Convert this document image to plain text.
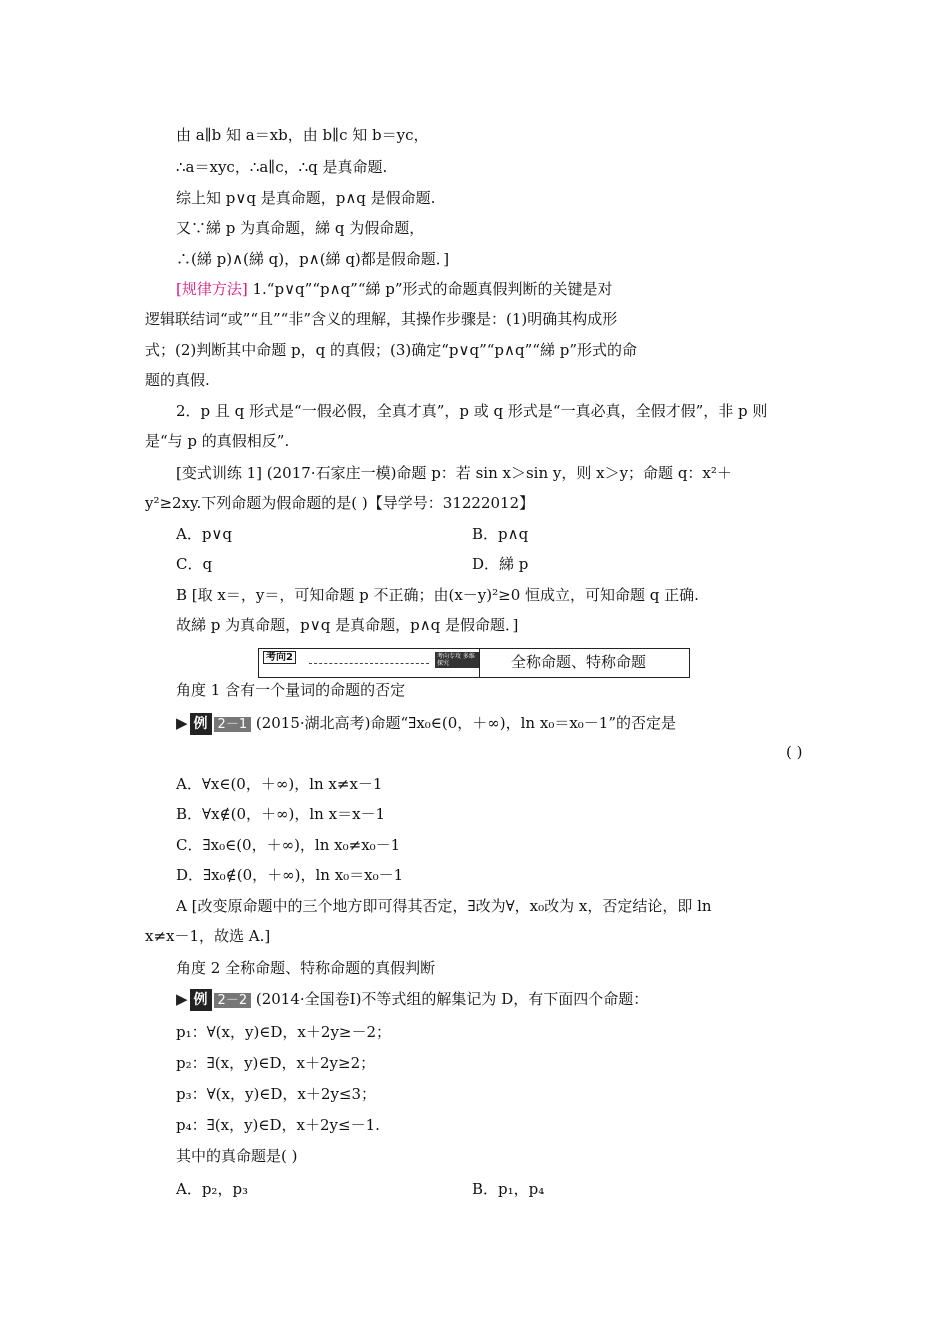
由 a∥b 知 a＝xb，由 b∥c 知 b＝yc，
∴a＝xyc，∴a∥c，∴q 是真命题.
综上知 p∨q 是真命题，p∧q 是假命题.
又∵綈 p 为真命题，綈 q 为假命题，
∴(綈 p)∧(綈 q)，p∧(綈 q)都是假命题．]
[规律方法] 1.“p∨q”“p∧q”“綈 p”形式的命题真假判断的关键是对
逻辑联结词“或”“且”“非”含义的理解，其操作步骤是：(1)明确其构成形
式；(2)判断其中命题 p，q 的真假；(3)确定“p∨q”“p∧q”“綈 p”形式的命
题的真假.
2．p 且 q 形式是“一假必假，全真才真”，p 或 q 形式是“一真必真，全假才假”，非 p 则
是“与 p 的真假相反”.
[变式训练 1] (2017·石家庄一模)命题 p：若 sin x＞sin y，则 x＞y；命题 q：x²＋
y²≥2xy.下列命题为假命题的是( )【导学号：31222012】
A．p∨q	B．p∧q
C．q	D．綈 p
B [取 x＝，y＝，可知命题 p 不正确；由(x－y)²≥0 恒成立，可知命题 q 正确.
故綈 p 为真命题，p∨q 是真命题，p∧q 是假命题．]
考向2	考向专攻 多维探究	全称命题、特称命题
角度 1 含有一个量词的命题的否定
▶ 例 2－1 (2015·湖北高考)命题“∃x₀∈(0，＋∞)，ln x₀＝x₀－1”的否定是
( )
A．∀x∈(0，＋∞)，ln x≠x－1
B．∀x∉(0，＋∞)，ln x＝x－1
C．∃x₀∈(0，＋∞)，ln x₀≠x₀－1
D．∃x₀∉(0，＋∞)，ln x₀＝x₀－1
A [改变原命题中的三个地方即可得其否定，∃改为∀，x₀改为 x，否定结论，即 ln
x≠x－1，故选 A.]
角度 2 全称命题、特称命题的真假判断
▶ 例 2－2 (2014·全国卷Ⅰ)不等式组的解集记为 D，有下面四个命题：
p₁：∀(x，y)∈D，x＋2y≥－2；
p₂：∃(x，y)∈D，x＋2y≥2；
p₃：∀(x，y)∈D，x＋2y≤3；
p₄：∃(x，y)∈D，x＋2y≤－1.
其中的真命题是( )
A．p₂，p₃	B．p₁，p₄
